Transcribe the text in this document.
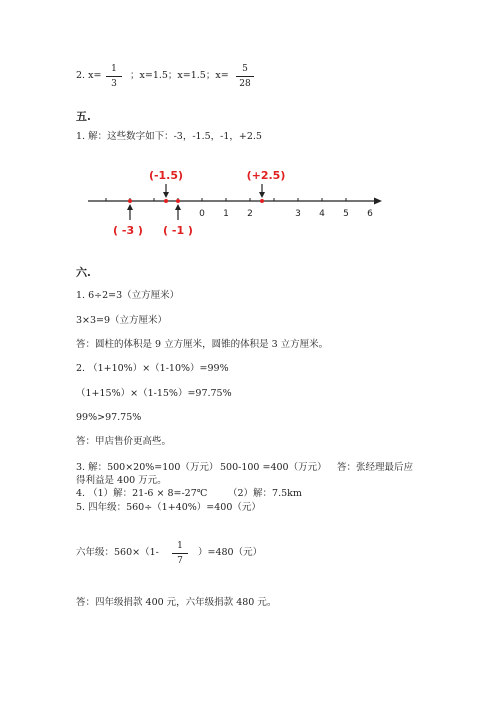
2. x=
1
3
；x=1.5；x=1.5；x=
5
28
五.
1. 解：这些数字如下：-3，-1.5，-1，+2.5
0 1 2	3 4 5 6
(-1.5)	(+2.5)
( -3 ) ( -1 )
六.
1. 6÷2=3（立方厘米）
3×3=9（立方厘米）
答：圆柱的体积是 9 立方厘米，圆锥的体积是 3 立方厘米。
2. （1+10%）×（1-10%）=99%
（1+15%）×（1-15%）=97.75%
99%>97.75%
答：甲店售价更高些。
3. 解：500×20%=100（万元） 500-100 =400（万元） 答：张经理最后应
得利益是 400 万元。
4. （1）解：21-6 × 8=-27℃ （2）解：7.5km
5. 四年级：560÷（1+40%）=400（元）
六年级：560×（1-
1
7
）=480（元）
答：四年级捐款 400 元，六年级捐款 480 元。
